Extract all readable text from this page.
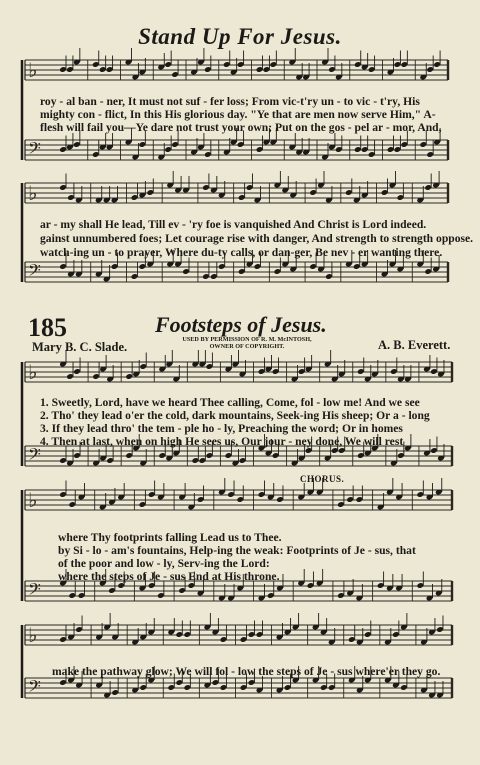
♭
𝄢
♭
𝄢
♭
𝄢
♭
𝄢
♭
𝄢
Stand Up For Jesus.
roy - al ban - ner, It must not suf - fer loss; From vic-t'ry un - to vic - t'ry, His
mighty con - flict, In this His glorious day. "Ye that are men now serve Him," A-
flesh will fail you—Ye dare not trust your own; Put on the gos - pel ar - mor, And,
ar - my shall He lead, Till ev - 'ry foe is vanquished And Christ is Lord indeed.
gainst unnumbered foes; Let courage rise with danger, And strength to strength oppose.
watch-ing un - to prayer, Where du-ty calls, or dan-ger, Be nev - er wanting there.
185	Footsteps of Jesus.
Mary B. C. Slade.
USED BY PERMISSION OF R. M. McINTOSH, OWNER OF COPYRIGHT.	A. B. Everett.
1. Sweetly, Lord, have we heard Thee calling, Come, fol - low me! And we see
2. Tho' they lead o'er the cold, dark mountains, Seek-ing His sheep; Or a - long
3. If they lead thro' the tem - ple ho - ly, Preaching the word; Or in homes
4. Then at last, when on high He sees us, Our jour - ney done, We will rest
CHORUS.
where Thy footprints falling Lead us to Thee.
by Si - lo - am's fountains, Help-ing the weak: Footprints of Je - sus, that
of the poor and low - ly, Serv-ing the Lord:
where the steps of Je - sus End at His throne.
make the pathway glow; We will fol - low the steps of Je - sus where'er they go.
